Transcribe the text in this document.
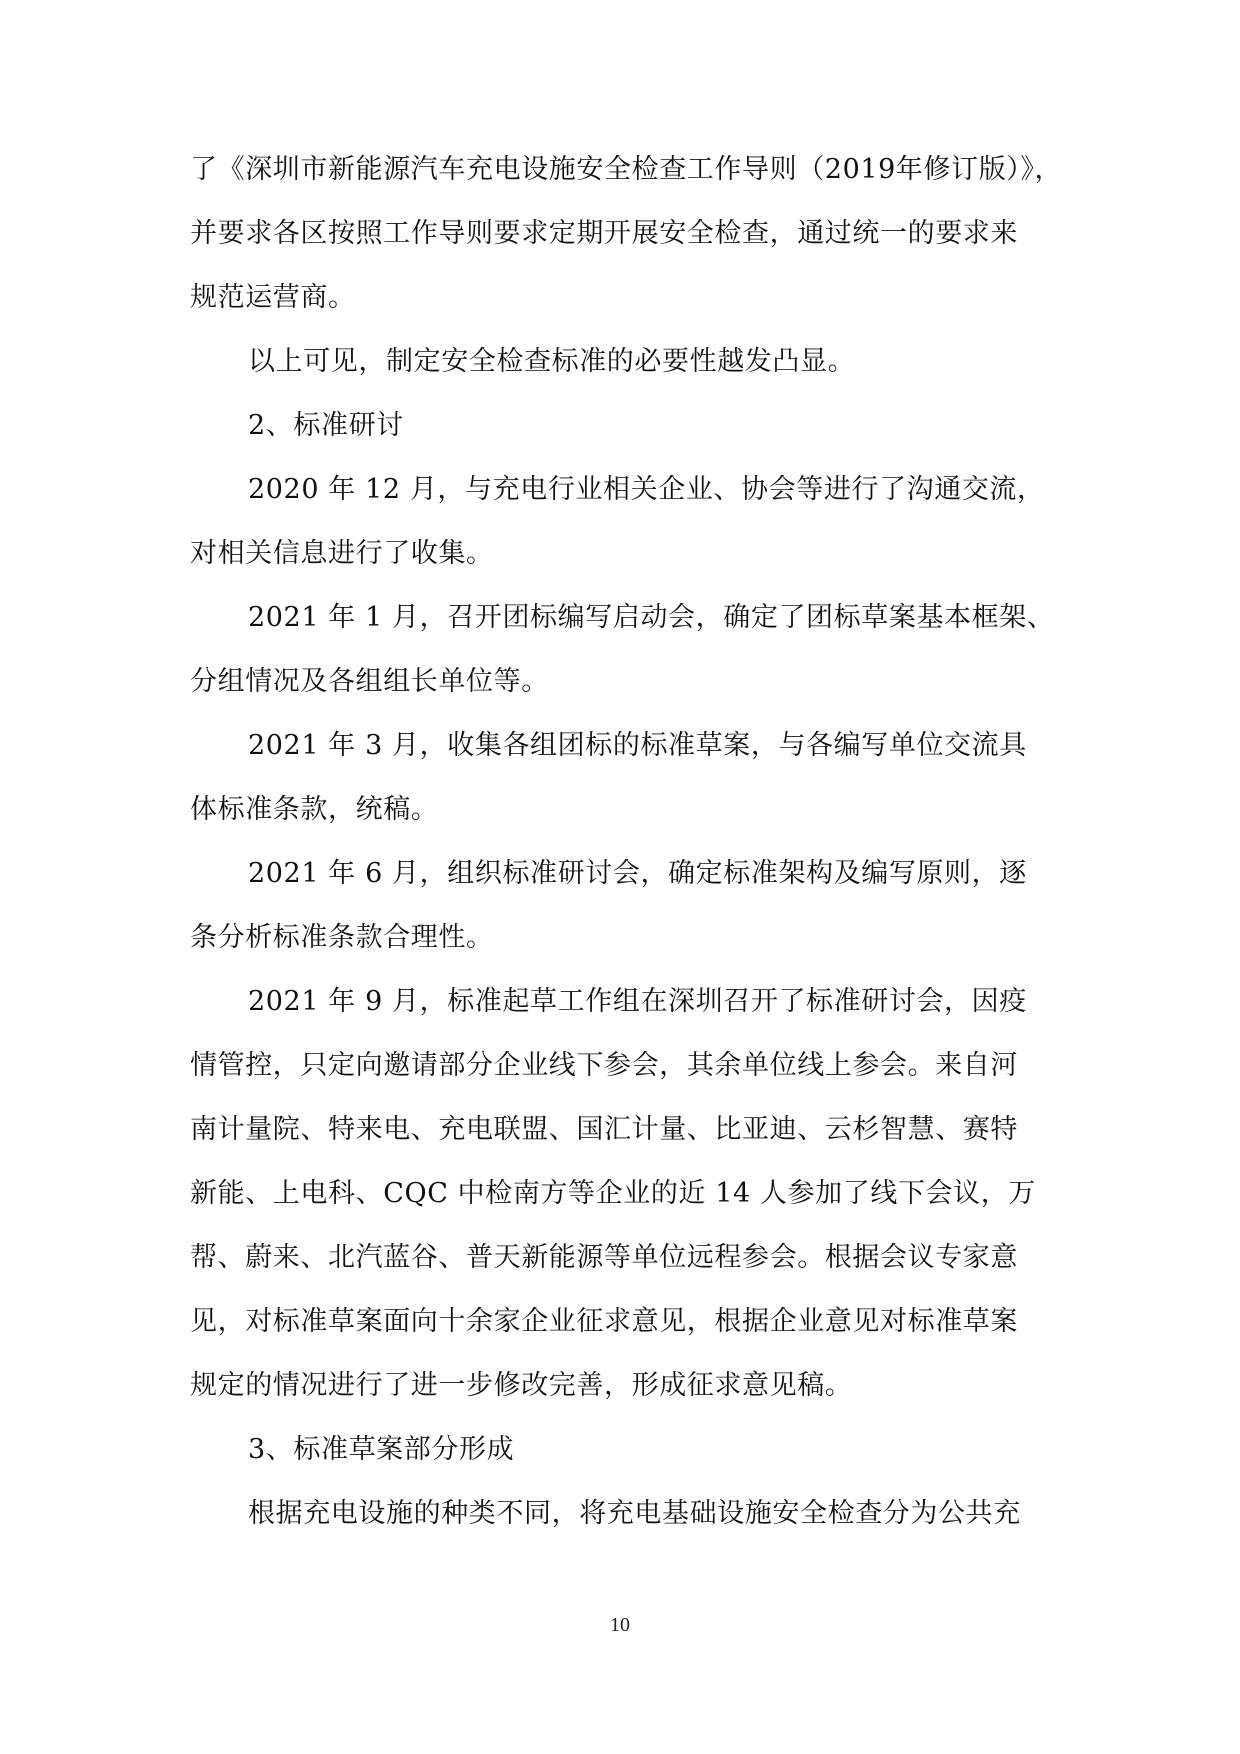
了《深圳市新能源汽车充电设施安全检查工作导则（2019年修订版）》，
并要求各区按照工作导则要求定期开展安全检查，通过统一的要求来
规范运营商。
以上可见，制定安全检查标准的必要性越发凸显。
2、标准研讨
2020 年 12 月，与充电行业相关企业、协会等进行了沟通交流，
对相关信息进行了收集。
2021 年 1 月，召开团标编写启动会，确定了团标草案基本框架、
分组情况及各组组长单位等。
2021 年 3 月，收集各组团标的标准草案，与各编写单位交流具
体标准条款，统稿。
2021 年 6 月，组织标准研讨会，确定标准架构及编写原则，逐
条分析标准条款合理性。
2021 年 9 月，标准起草工作组在深圳召开了标准研讨会，因疫
情管控，只定向邀请部分企业线下参会，其余单位线上参会。来自河
南计量院、特来电、充电联盟、国汇计量、比亚迪、云杉智慧、赛特
新能、上电科、CQC 中检南方等企业的近 14 人参加了线下会议，万
帮、蔚来、北汽蓝谷、普天新能源等单位远程参会。根据会议专家意
见，对标准草案面向十余家企业征求意见，根据企业意见对标准草案
规定的情况进行了进一步修改完善，形成征求意见稿。
3、标准草案部分形成
根据充电设施的种类不同，将充电基础设施安全检查分为公共充
10
